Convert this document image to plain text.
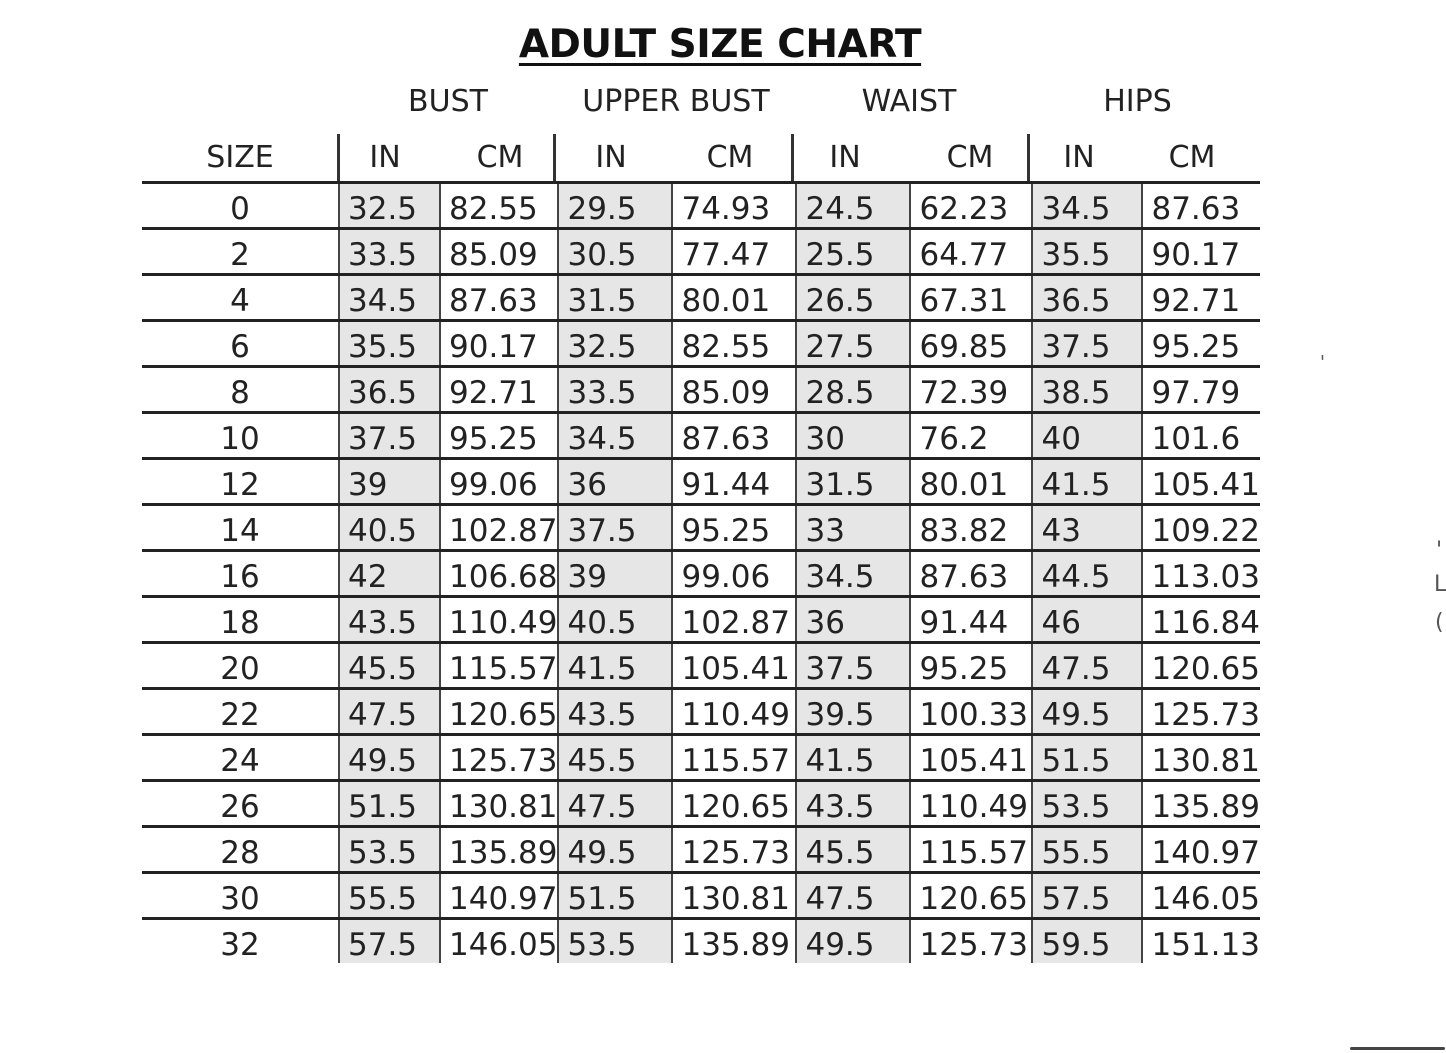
ADULT SIZE CHART
BUST	UPPER BUST	WAIST	HIPS
SIZE	IN	CM	IN	CM	IN	CM	IN	CM
0	32.5	82.55	29.5	74.93	24.5	62.23	34.5	87.63
2	33.5	85.09	30.5	77.47	25.5	64.77	35.5	90.17
4	34.5	87.63	31.5	80.01	26.5	67.31	36.5	92.71
6	35.5	90.17	32.5	82.55	27.5	69.85	37.5	95.25
8	36.5	92.71	33.5	85.09	28.5	72.39	38.5	97.79
10	37.5	95.25	34.5	87.63	30	76.2	40	101.6
12	39	99.06	36	91.44	31.5	80.01	41.5	105.41
14	40.5	102.87	37.5	95.25	33	83.82	43	109.22
16	42	106.68	39	99.06	34.5	87.63	44.5	113.03
18	43.5	110.49	40.5	102.87	36	91.44	46	116.84
20	45.5	115.57	41.5	105.41	37.5	95.25	47.5	120.65
22	47.5	120.65	43.5	110.49	39.5	100.33	49.5	125.73
24	49.5	125.73	45.5	115.57	41.5	105.41	51.5	130.81
26	51.5	130.81	47.5	120.65	43.5	110.49	53.5	135.89
28	53.5	135.89	49.5	125.73	45.5	115.57	55.5	140.97
30	55.5	140.97	51.5	130.81	47.5	120.65	57.5	146.05
32	57.5	146.05	53.5	135.89	49.5	125.73	59.5	151.13
'
'
L
(
